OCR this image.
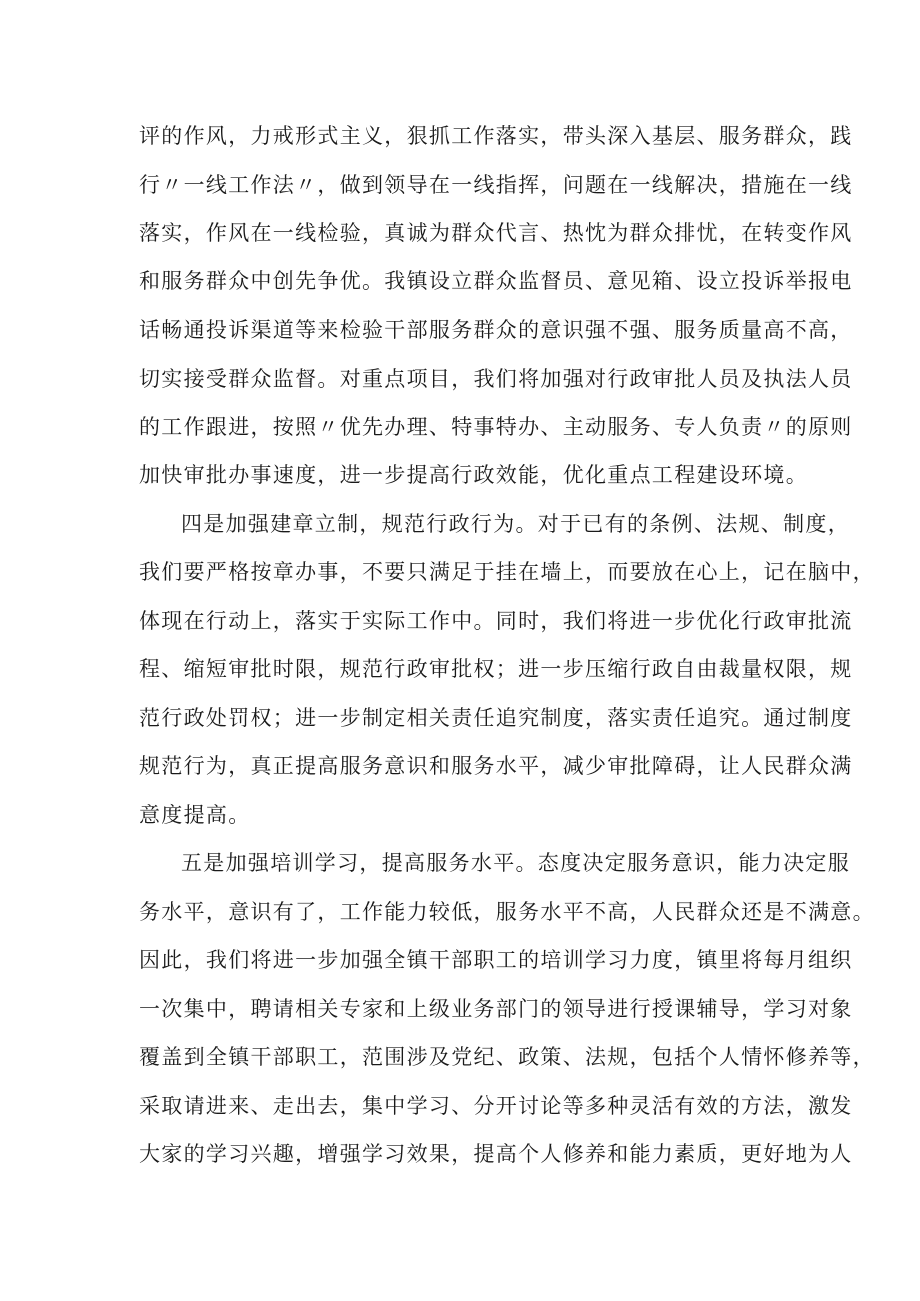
评的作风，力戒形式主义，狠抓工作落实，带头深入基层、服务群众，践
行〃一线工作法〃，做到领导在一线指挥，问题在一线解决，措施在一线
落实，作风在一线检验，真诚为群众代言、热忱为群众排忧，在转变作风
和服务群众中创先争优。我镇设立群众监督员、意见箱、设立投诉举报电
话畅通投诉渠道等来检验干部服务群众的意识强不强、服务质量高不高，
切实接受群众监督。对重点项目，我们将加强对行政审批人员及执法人员
的工作跟进，按照〃优先办理、特事特办、主动服务、专人负责〃的原则
加快审批办事速度，进一步提高行政效能，优化重点工程建设环境。
四是加强建章立制，规范行政行为。对于已有的条例、法规、制度，
我们要严格按章办事，不要只满足于挂在墙上，而要放在心上，记在脑中，
体现在行动上，落实于实际工作中。同时，我们将进一步优化行政审批流
程、缩短审批时限，规范行政审批权；进一步压缩行政自由裁量权限，规
范行政处罚权；进一步制定相关责任追究制度，落实责任追究。通过制度
规范行为，真正提高服务意识和服务水平，减少审批障碍，让人民群众满
意度提高。
五是加强培训学习，提高服务水平。态度决定服务意识，能力决定服
务水平，意识有了，工作能力较低，服务水平不高，人民群众还是不满意。
因此，我们将进一步加强全镇干部职工的培训学习力度，镇里将每月组织
一次集中，聘请相关专家和上级业务部门的领导进行授课辅导，学习对象
覆盖到全镇干部职工，范围涉及党纪、政策、法规，包括个人情怀修养等，
采取请进来、走出去，集中学习、分开讨论等多种灵活有效的方法，激发
大家的学习兴趣，增强学习效果，提高个人修养和能力素质，更好地为人
